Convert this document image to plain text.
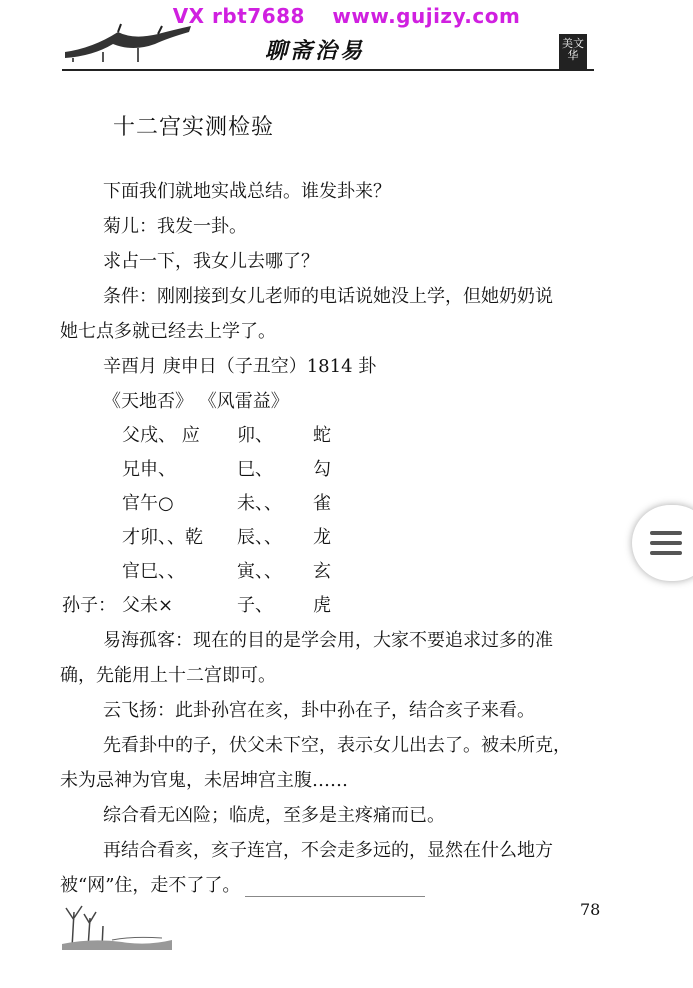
VX rbt7688 www.gujizy.com
聊斋治易	美文华
十二宫实测检验
下面我们就地实战总结。谁发卦来？
菊儿：我发一卦。
求占一下，我女儿去哪了？
条件：刚刚接到女儿老师的电话说她没上学，但她奶奶说
她七点多就已经去上学了。
辛酉月 庚申日（子丑空）1814 卦
《天地否》 《风雷益》
父戌、 应 卯、 蛇
兄申、	巳、 勾
官午○	未、、 雀
才卯、、乾 辰、、 龙
官巳、、	寅、、 玄
孙子： 父未×	子、 虎
易海孤客：现在的目的是学会用，大家不要追求过多的准
确，先能用上十二宫即可。
云飞扬：此卦孙宫在亥，卦中孙在子，结合亥子来看。
先看卦中的子，伏父未下空，表示女儿出去了。被未所克，
未为忌神为官鬼，未居坤宫主腹……
综合看无凶险；临虎，至多是主疼痛而已。
再结合看亥，亥子连宫，不会走多远的，显然在什么地方
被“网”住，走不了了。
78
